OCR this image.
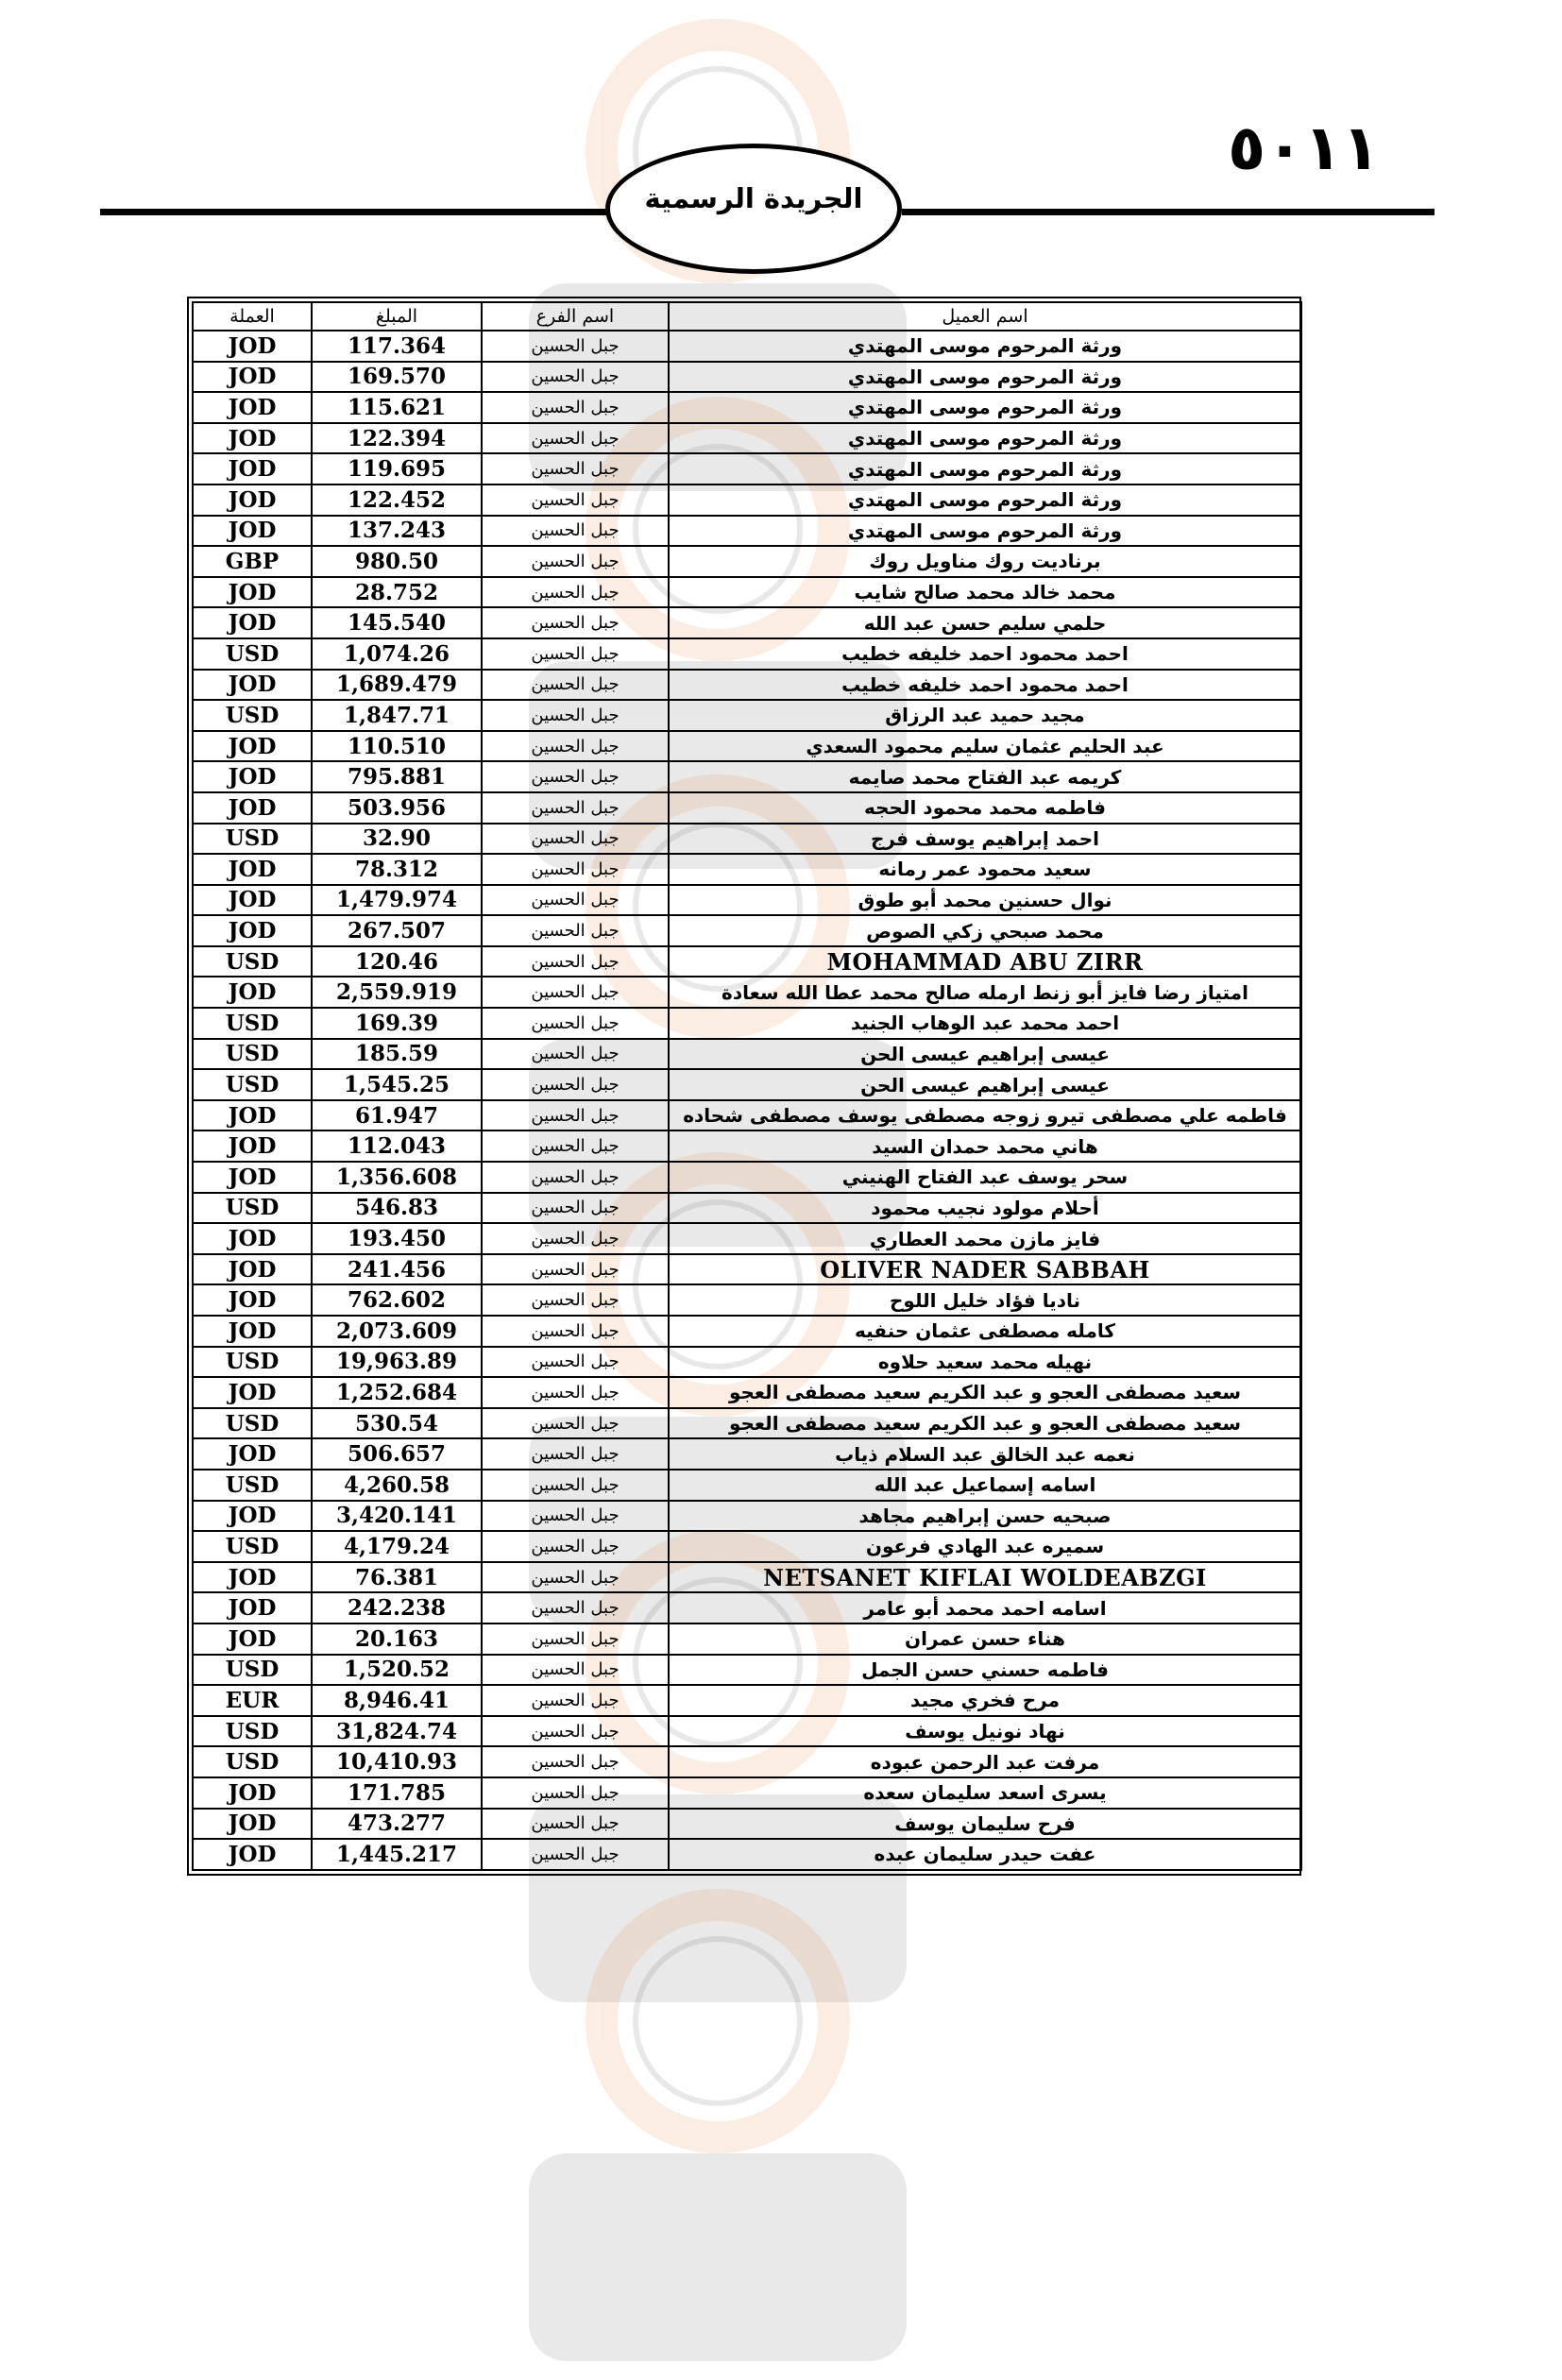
٥٠١١
الجريدة الرسمية
اسم العميل	اسم الفرع	المبلغ	العملة
ورثة المرحوم موسى المهتدي	جبل الحسين	117.364	JOD
ورثة المرحوم موسى المهتدي	جبل الحسين	169.570	JOD
ورثة المرحوم موسى المهتدي	جبل الحسين	115.621	JOD
ورثة المرحوم موسى المهتدي	جبل الحسين	122.394	JOD
ورثة المرحوم موسى المهتدي	جبل الحسين	119.695	JOD
ورثة المرحوم موسى المهتدي	جبل الحسين	122.452	JOD
ورثة المرحوم موسى المهتدي	جبل الحسين	137.243	JOD
برناديت روك مناويل روك	جبل الحسين	980.50	GBP
محمد خالد محمد صالح شايب	جبل الحسين	28.752	JOD
حلمي سليم حسن عبد الله	جبل الحسين	145.540	JOD
احمد محمود احمد خليفه خطيب	جبل الحسين	1,074.26	USD
احمد محمود احمد خليفه خطيب	جبل الحسين	1,689.479	JOD
مجيد حميد عبد الرزاق	جبل الحسين	1,847.71	USD
عبد الحليم عثمان سليم محمود السعدي	جبل الحسين	110.510	JOD
كريمه عبد الفتاح محمد صايمه	جبل الحسين	795.881	JOD
فاطمه محمد محمود الحجه	جبل الحسين	503.956	JOD
احمد إبراهيم يوسف فرج	جبل الحسين	32.90	USD
سعيد محمود عمر رمانه	جبل الحسين	78.312	JOD
نوال حسنين محمد أبو طوق	جبل الحسين	1,479.974	JOD
محمد صبحي زكي الصوص	جبل الحسين	267.507	JOD
MOHAMMAD ABU ZIRR	جبل الحسين	120.46	USD
امتياز رضا فايز أبو زنط ارمله صالح محمد عطا الله سعادة	جبل الحسين	2,559.919	JOD
احمد محمد عبد الوهاب الجنيد	جبل الحسين	169.39	USD
عيسى إبراهيم عيسى الحن	جبل الحسين	185.59	USD
عيسى إبراهيم عيسى الحن	جبل الحسين	1,545.25	USD
فاطمه علي مصطفى تيرو زوجه مصطفى يوسف مصطفى شحاده	جبل الحسين	61.947	JOD
هاني محمد حمدان السيد	جبل الحسين	112.043	JOD
سحر يوسف عبد الفتاح الهنيني	جبل الحسين	1,356.608	JOD
أحلام مولود نجيب محمود	جبل الحسين	546.83	USD
فايز مازن محمد العطاري	جبل الحسين	193.450	JOD
OLIVER NADER SABBAH	جبل الحسين	241.456	JOD
ناديا فؤاد خليل اللوح	جبل الحسين	762.602	JOD
كامله مصطفى عثمان حنفيه	جبل الحسين	2,073.609	JOD
نهيله محمد سعيد حلاوه	جبل الحسين	19,963.89	USD
سعيد مصطفى العجو و عبد الكريم سعيد مصطفى العجو	جبل الحسين	1,252.684	JOD
سعيد مصطفى العجو و عبد الكريم سعيد مصطفى العجو	جبل الحسين	530.54	USD
نعمه عبد الخالق عبد السلام ذياب	جبل الحسين	506.657	JOD
اسامه إسماعيل عبد الله	جبل الحسين	4,260.58	USD
صبحيه حسن إبراهيم مجاهد	جبل الحسين	3,420.141	JOD
سميره عبد الهادي فرعون	جبل الحسين	4,179.24	USD
NETSANET KIFLAI WOLDEABZGI	جبل الحسين	76.381	JOD
اسامه احمد محمد أبو عامر	جبل الحسين	242.238	JOD
هناء حسن عمران	جبل الحسين	20.163	JOD
فاطمه حسني حسن الجمل	جبل الحسين	1,520.52	USD
مرح فخري مجيد	جبل الحسين	8,946.41	EUR
نهاد نونيل يوسف	جبل الحسين	31,824.74	USD
مرفت عبد الرحمن عبوده	جبل الحسين	10,410.93	USD
يسرى اسعد سليمان سعده	جبل الحسين	171.785	JOD
فرح سليمان يوسف	جبل الحسين	473.277	JOD
عفت حيدر سليمان عبده	جبل الحسين	1,445.217	JOD
